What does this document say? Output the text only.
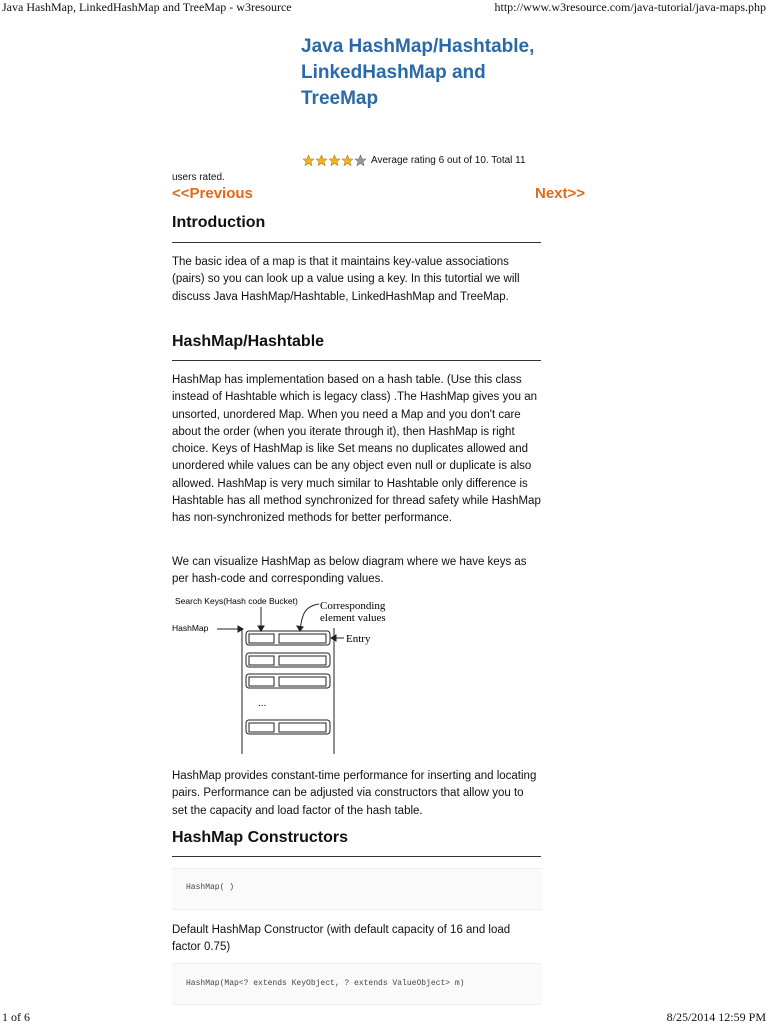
Java HashMap, LinkedHashMap and TreeMap - w3resource	http://www.w3resource.com/java-tutorial/java-maps.php
Java HashMap/Hashtable, LinkedHashMap and TreeMap
Average rating 6 out of 10. Total 11
users rated.
<<Previous	Next>>
Introduction
The basic idea of a map is that it maintains key-value associations (pairs) so you can look up a value using a key. In this tutortial we will discuss Java HashMap/Hashtable, LinkedHashMap and TreeMap.
HashMap/Hashtable
HashMap has implementation based on a hash table. (Use this class instead of Hashtable which is legacy class) .The HashMap gives you an unsorted, unordered Map. When you need a Map and you don't care about the order (when you iterate through it), then HashMap is right choice. Keys of HashMap is like Set means no duplicates allowed and unordered while values can be any object even null or duplicate is also allowed. HashMap is very much similar to Hashtable only difference is Hashtable has all method synchronized for thread safety while HashMap has non-synchronized methods for better performance.
We can visualize HashMap as below diagram where we have keys as per hash-code and corresponding values.
Search Keys(Hash code Bucket) Corresponding
element values
HashMap
Entry
...
HashMap provides constant-time performance for inserting and locating pairs. Performance can be adjusted via constructors that allow you to set the capacity and load factor of the hash table.
HashMap Constructors
HashMap( )
Default HashMap Constructor (with default capacity of 16 and load factor 0.75)
HashMap(Map<? extends KeyObject, ? extends ValueObject> m)
1 of 6	8/25/2014 12:59 PM
